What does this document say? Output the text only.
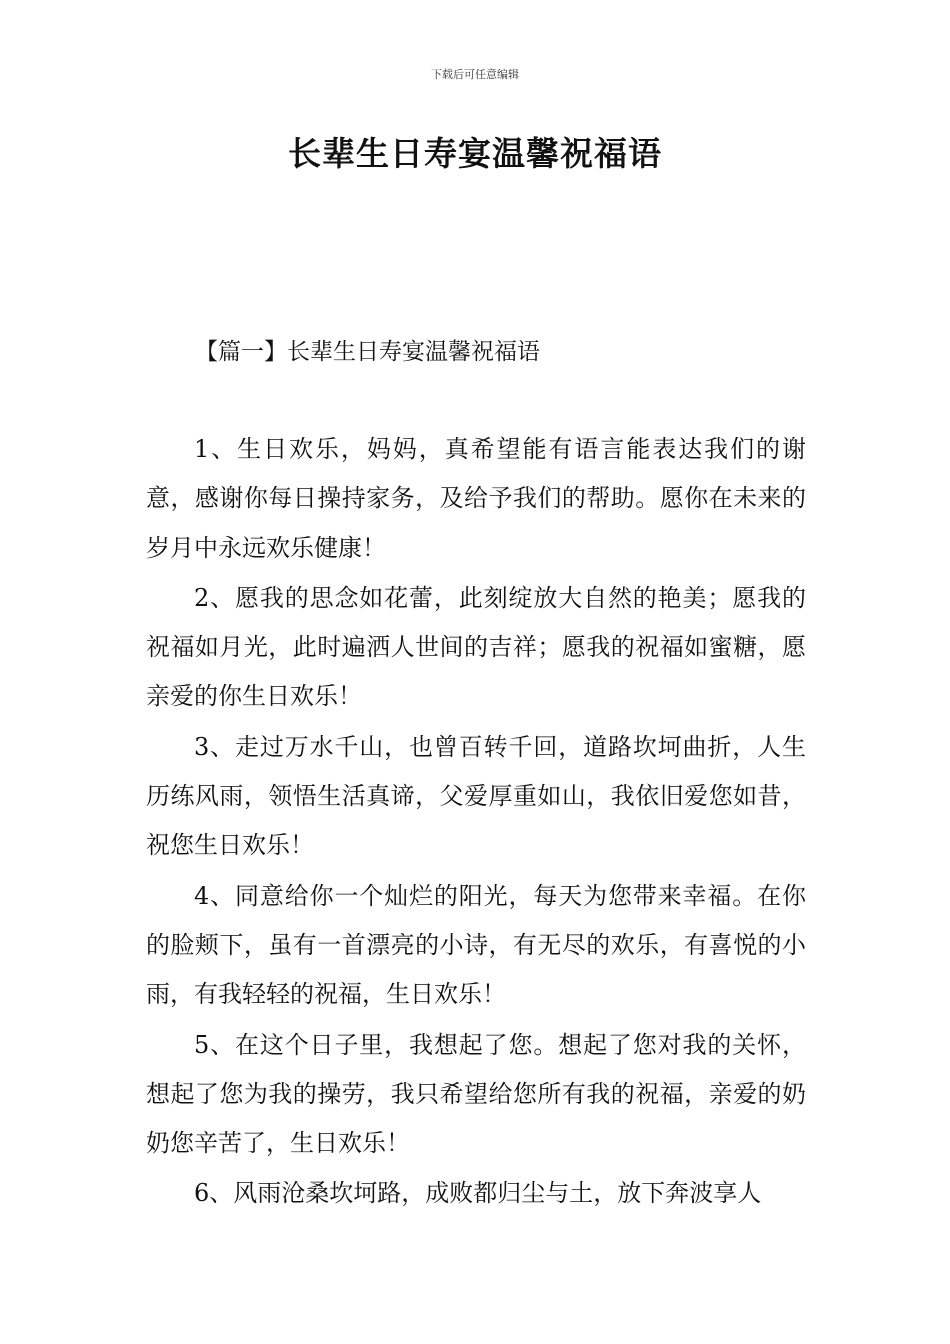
下载后可任意编辑
长辈生日寿宴温馨祝福语
【篇一】长辈生日寿宴温馨祝福语

1、生日欢乐，妈妈，真希望能有语言能表达我们的谢意，感谢你每日操持家务，及给予我们的帮助。愿你在未来的岁月中永远欢乐健康！

2、愿我的思念如花蕾，此刻绽放大自然的艳美；愿我的祝福如月光，此时遍洒人世间的吉祥；愿我的祝福如蜜糖，愿亲爱的你生日欢乐！

3、走过万水千山，也曾百转千回，道路坎坷曲折，人生历练风雨，领悟生活真谛，父爱厚重如山，我依旧爱您如昔，祝您生日欢乐！

4、同意给你一个灿烂的阳光，每天为您带来幸福。在你的脸颊下，虽有一首漂亮的小诗，有无尽的欢乐，有喜悦的小雨，有我轻轻的祝福，生日欢乐！

5、在这个日子里，我想起了您。想起了您对我的关怀，想起了您为我的操劳，我只希望给您所有我的祝福，亲爱的奶奶您辛苦了，生日欢乐！

6、风雨沧桑坎坷路，成败都归尘与土，放下奔波享人
